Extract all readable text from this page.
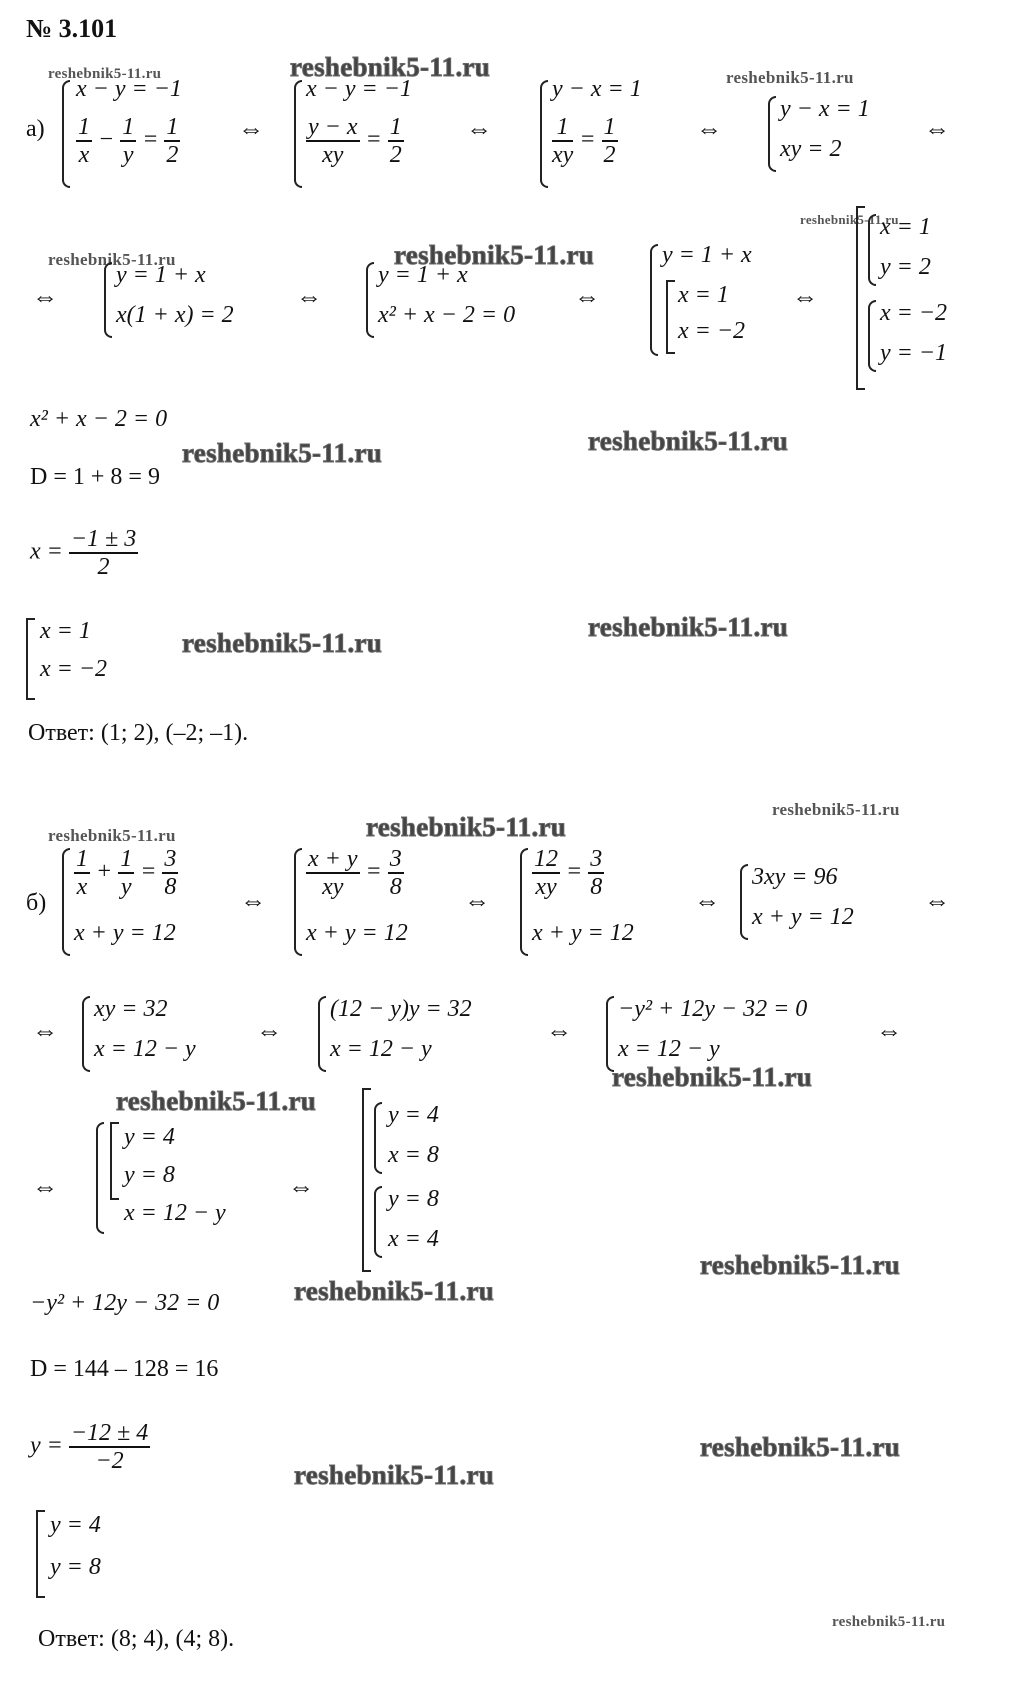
№ 3.101
reshebnik5-11.ru	reshebnik5-11.ru	reshebnik5-11.ru
reshebnik5-11.ru	reshebnik5-11.ru
reshebnik5-11.ru
reshebnik5-11.ru	reshebnik5-11.ru
reshebnik5-11.ru
reshebnik5-11.ru
reshebnik5-11.ru
reshebnik5-11.ru	reshebnik5-11.ru
reshebnik5-11.ru
reshebnik5-11.ru
reshebnik5-11.ru
reshebnik5-11.ru
reshebnik5-11.ru
reshebnik5-11.ru
reshebnik5-11.ru
а)
x − y = −1
$\frac{1}{x} - \frac{1}{y} = \frac{1}{2}$ ⇔
x − y = −1
$\frac{y - x}{xy} = \frac{1}{2}$ ⇔
y − x = 1
$\frac{1}{xy} = \frac{1}{2}$	⇔
y − x = 1
xy = 2
⇔
⇔
y = 1 + x
x(1 + x) = 2
⇔
y = 1 + x
x² + x − 2 = 0
⇔
y = 1 + x
x = 1
x = −2
⇔
x = 1
y = 2
x = −2
y = −1
x² + x − 2 = 0
D = 1 + 8 = 9
$x = \frac{-1 \pm 3}{2}$
x = 1
x = −2
Ответ: (1; 2), (–2; –1).
б)
$\frac{1}{x} + \frac{1}{y} = \frac{3}{8}$
x + y = 12
⇔
$\frac{x + y}{xy} = \frac{3}{8}$
x + y = 12
⇔
$\frac{12}{xy} = \frac{3}{8}$
x + y = 12
⇔
3xy = 96
x + y = 12
⇔
⇔
xy = 32
x = 12 − y
⇔
(12 − y)y = 32
x = 12 − y
⇔
−y² + 12y − 32 = 0
x = 12 − y
⇔
⇔
y = 4
y = 8
x = 12 − y
⇔
y = 4
x = 8
y = 8
x = 4
−y² + 12y − 32 = 0
D = 144 – 128 = 16
$y = \frac{-12 \pm 4}{-2}$
y = 4
y = 8
Ответ: (8; 4), (4; 8).
